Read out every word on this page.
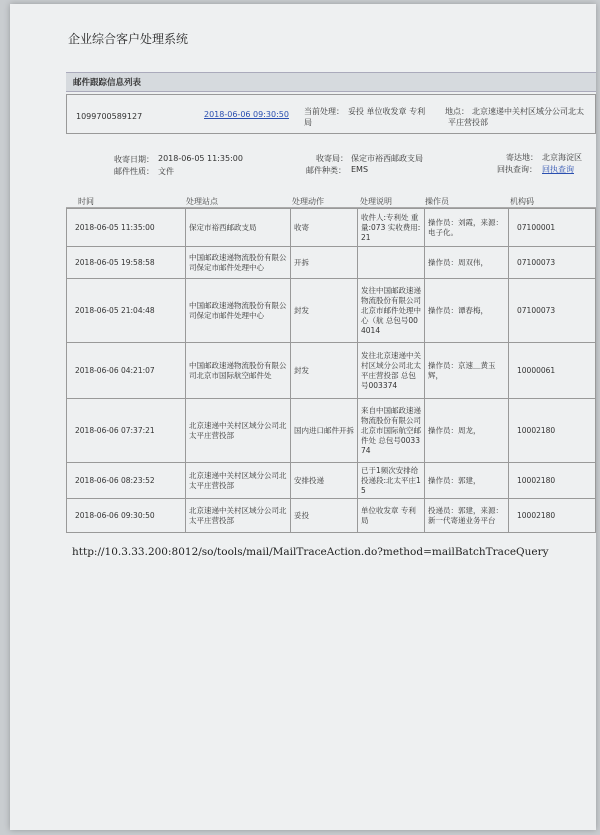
企业综合客户处理系统
邮件跟踪信息列表
1099700589127	2018-06-06 09:30:50 当前处理： 妥投 单位收发章 专利
局
地点： 北京速递中关村区域分公司北太
平庄营投部
收寄日期： 2018-06-05 11:35:00	收寄局： 保定市裕西邮政支局	寄达地： 北京海淀区
邮件性质： 文件	邮件种类： EMS	回执查询： 回执查询
时间	处理站点	处理动作	处理说明	操作员	机构码
2018-06-05 11:35:00	保定市裕西邮政支局	收寄	收件人:专利处 重量:073 实收费用:21	操作员：刘霞，来源：电子化。	07100001
2018-06-05 19:58:58	中国邮政速递物流股份有限公司保定市邮件处理中心	开拆		操作员：周双伟，	07100073
2018-06-05 21:04:48	中国邮政速递物流股份有限公司保定市邮件处理中心	封发	发往中国邮政速递物流股份有限公司北京市邮件处理中心（航 总包号004014	操作员：谭春梅，	07100073
2018-06-06 04:21:07	中国邮政速递物流股份有限公司北京市国际航空邮件处	封发	发往北京速递中关村区域分公司北太平庄营投部 总包号003374	操作员：京速＿黄玉辉，	10000061
2018-06-06 07:37:21	北京速递中关村区域分公司北太平庄营投部	国内进口邮件开拆	来自中国邮政速递物流股份有限公司北京市国际航空邮件处 总包号003374	操作员：周龙，	10002180
2018-06-06 08:23:52	北京速递中关村区域分公司北太平庄营投部	安排投递	已于1频次安排给投递段:北太平庄15	操作员：郭建，	10002180
2018-06-06 09:30:50	北京速递中关村区域分公司北太平庄营投部	妥投	单位收发章 专利局	投递员：郭建，来源：新一代寄递业务平台	10002180
http://10.3.33.200:8012/so/tools/mail/MailTraceAction.do?method=mailBatchTraceQuery
